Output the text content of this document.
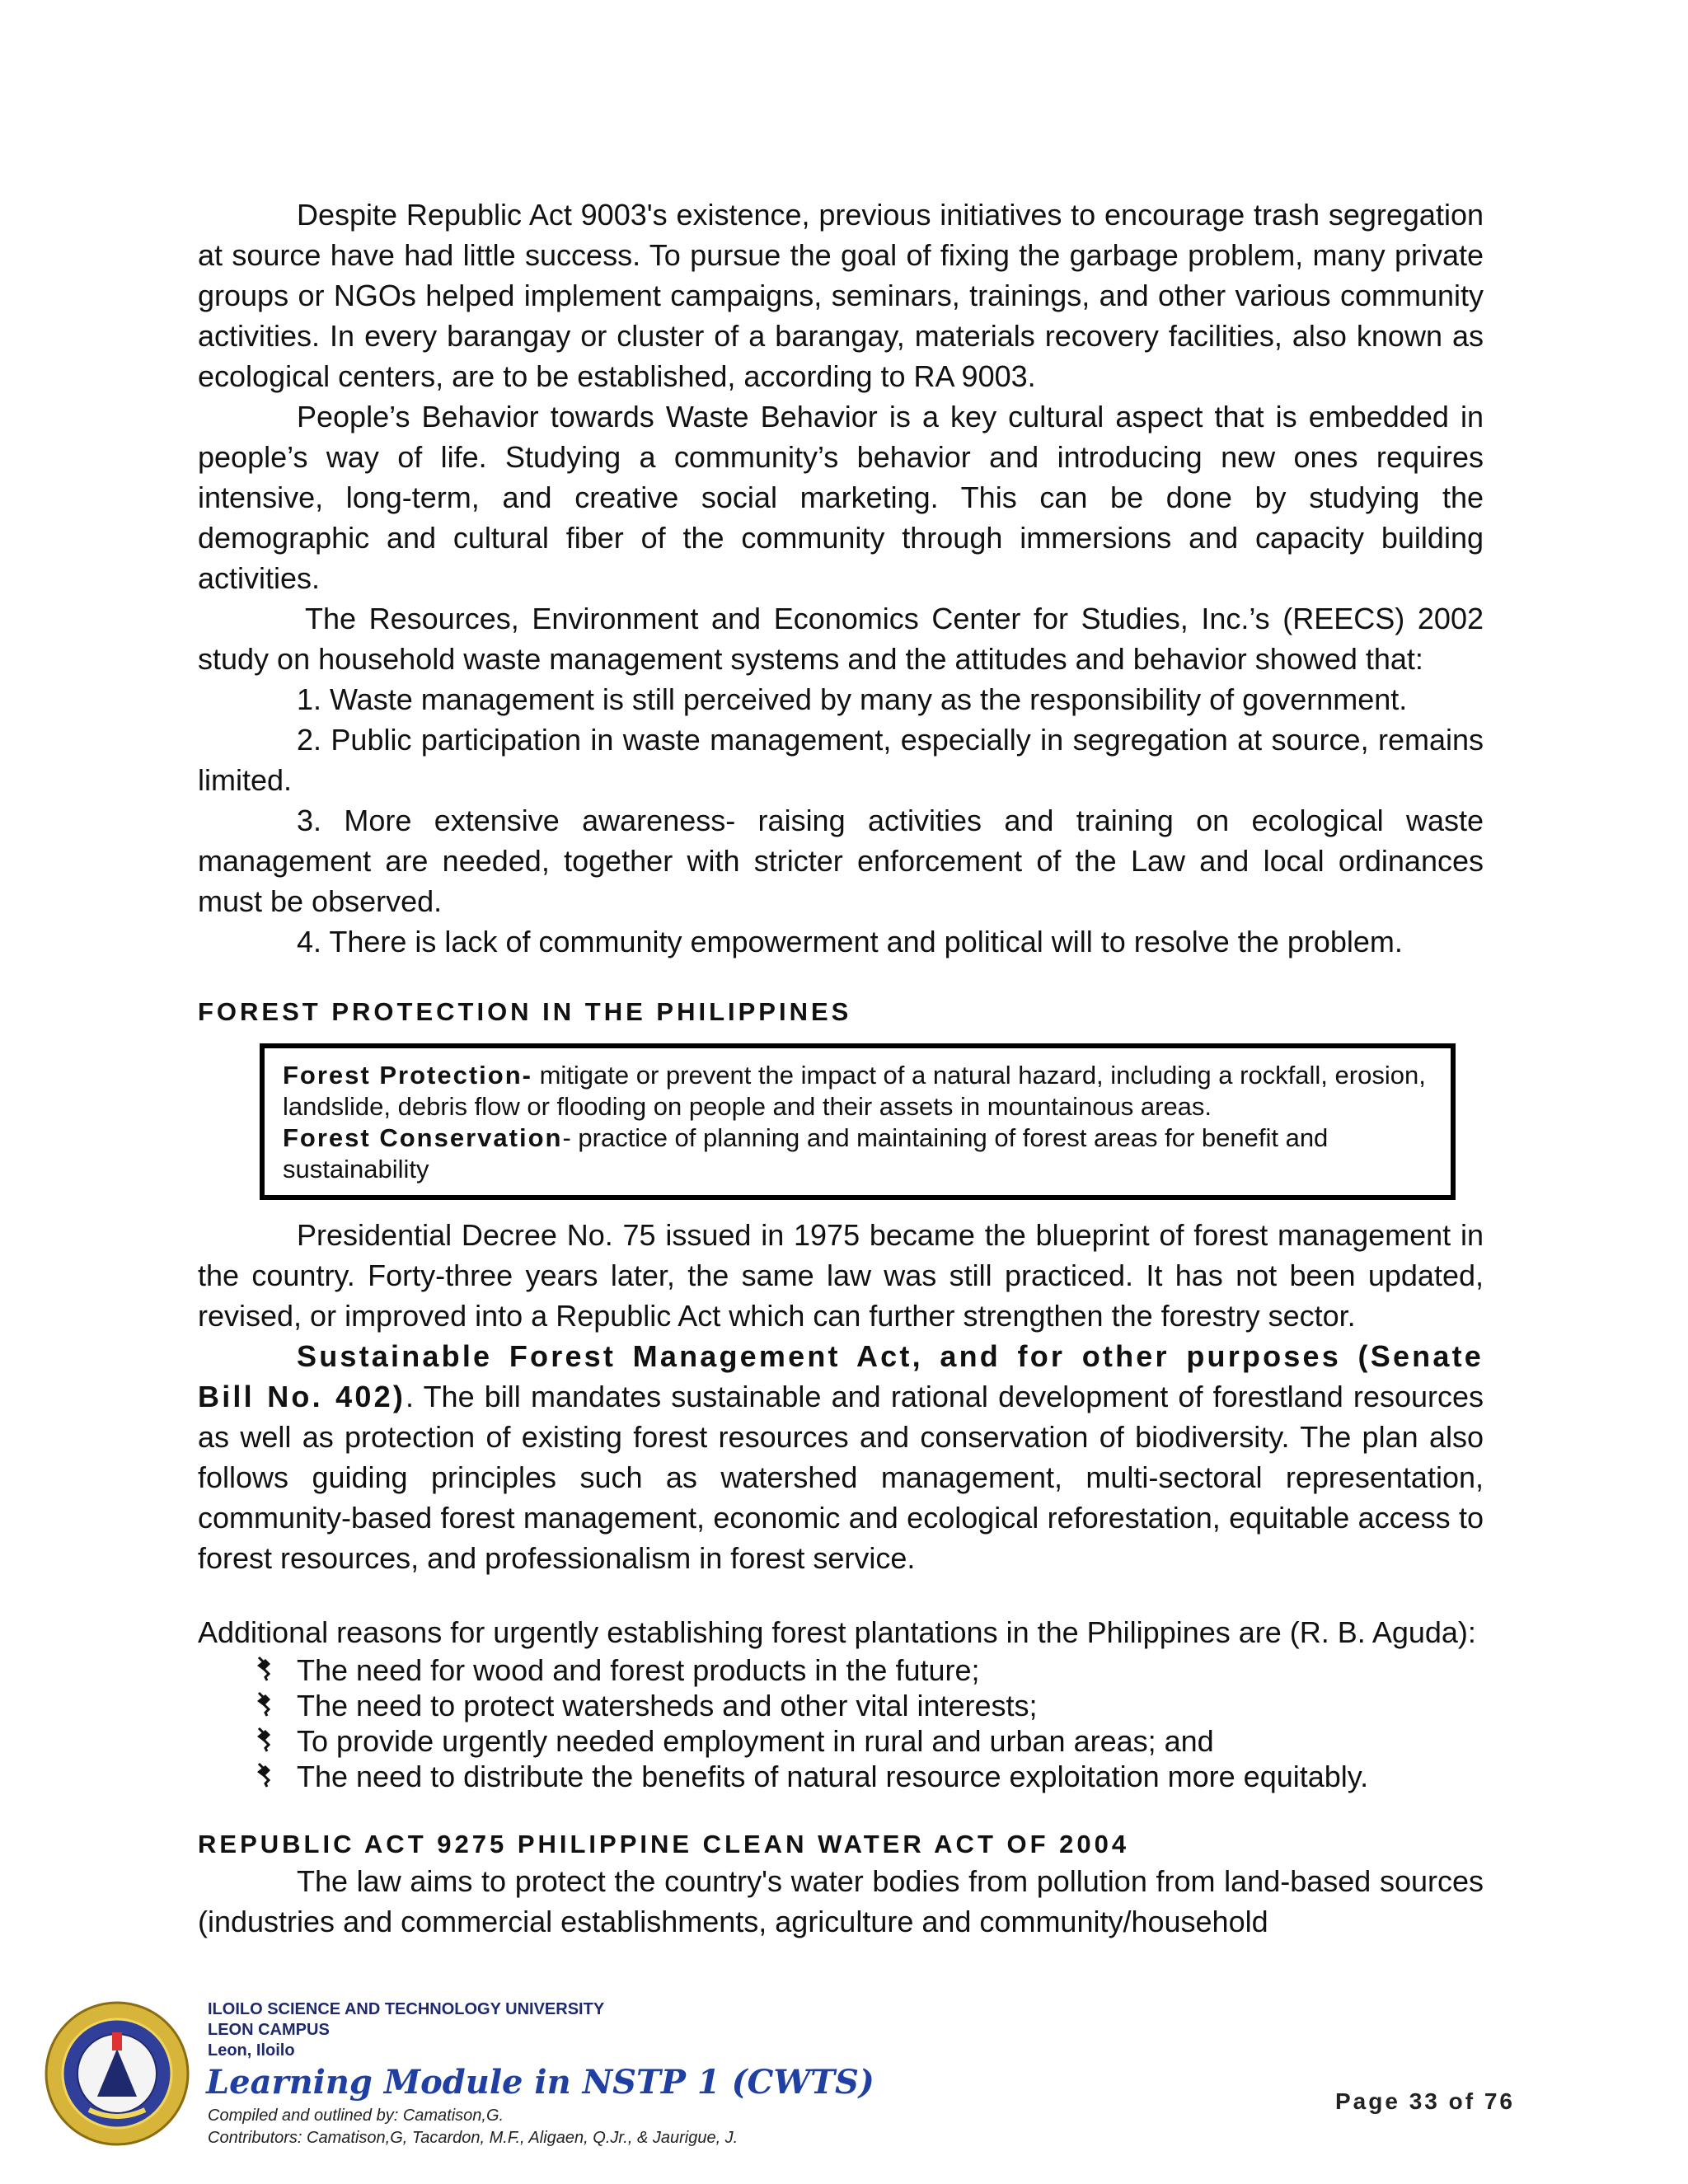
Despite Republic Act 9003's existence, previous initiatives to encourage trash segregation at source have had little success. To pursue the goal of fixing the garbage problem, many private groups or NGOs helped implement campaigns, seminars, trainings, and other various community activities. In every barangay or cluster of a barangay, materials recovery facilities, also known as ecological centers, are to be established, according to RA 9003.

People’s Behavior towards Waste Behavior is a key cultural aspect that is embedded in people’s way of life. Studying a community’s behavior and introducing new ones requires intensive, long-term, and creative social marketing. This can be done by studying the demographic and cultural fiber of the community through immersions and capacity building activities.

The Resources, Environment and Economics Center for Studies, Inc.’s (REECS) 2002 study on household waste management systems and the attitudes and behavior showed that:

1. Waste management is still perceived by many as the responsibility of government.

2. Public participation in waste management, especially in segregation at source, remains limited.

3. More extensive awareness- raising activities and training on ecological waste management are needed, together with stricter enforcement of the Law and local ordinances must be observed.

4. There is lack of community empowerment and political will to resolve the problem.

FOREST PROTECTION IN THE PHILIPPINES
Forest Protection- mitigate or prevent the impact of a natural hazard, including a rockfall, erosion, landslide, debris flow or flooding on people and their assets in mountainous areas.
Forest Conservation- practice of planning and maintaining of forest areas for benefit and sustainability

Presidential Decree No. 75 issued in 1975 became the blueprint of forest management in the country. Forty-three years later, the same law was still practiced. It has not been updated, revised, or improved into a Republic Act which can further strengthen the forestry sector.

Sustainable Forest Management Act, and for other purposes (Senate Bill No. 402). The bill mandates sustainable and rational development of forestland resources as well as protection of existing forest resources and conservation of biodiversity. The plan also follows guiding principles such as watershed management, multi-sectoral representation, community-based forest management, economic and ecological reforestation, equitable access to forest resources, and professionalism in forest service.

Additional reasons for urgently establishing forest plantations in the Philippines are (R. B. Aguda):

The need for wood and forest products in the future;
The need to protect watersheds and other vital interests;
To provide urgently needed employment in rural and urban areas; and
The need to distribute the benefits of natural resource exploitation more equitably.
REPUBLIC ACT 9275 PHILIPPINE CLEAN WATER ACT OF 2004

The law aims to protect the country's water bodies from pollution from land-based sources (industries and commercial establishments, agriculture and community/household

ILOILO SCIENCE AND TECHNOLOGY UNIVERSITY
LEON CAMPUS
Leon, Iloilo
Learning Module in NSTP 1 (CWTS)
Compiled and outlined by: Camatison,G.
Contributors: Camatison,G, Tacardon, M.F., Aligaen, Q.Jr., & Jaurigue, J.
Page 33 of 76
